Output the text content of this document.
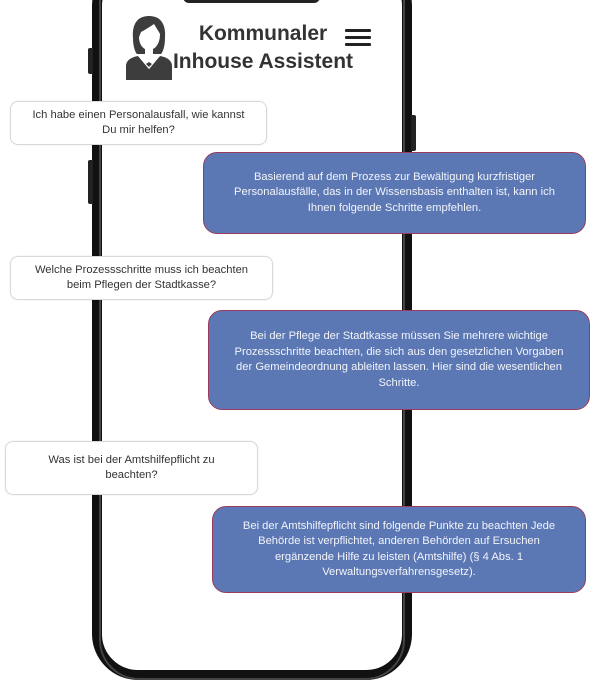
Kommunaler
Inhouse Assistent
Ich habe einen Personalausfall, wie kannst Du mir helfen?
Basierend auf dem Prozess zur Bewältigung kurzfristiger Personalausfälle, das in der Wissensbasis enthalten ist, kann ich Ihnen folgende Schritte empfehlen.
Welche Prozessschritte muss ich beachten beim Pflegen der Stadtkasse?
Bei der Pflege der Stadtkasse müssen Sie mehrere wichtige Prozessschritte beachten, die sich aus den gesetzlichen Vorgaben der Gemeindeordnung ableiten lassen. Hier sind die wesentlichen Schritte.
Was ist bei der Amtshilfepflicht zu beachten?
Bei der Amtshilfepflicht sind folgende Punkte zu beachten Jede Behörde ist verpflichtet, anderen Behörden auf Ersuchen ergänzende Hilfe zu leisten (Amtshilfe) (§ 4 Abs. 1 Verwaltungsverfahrensgesetz).
